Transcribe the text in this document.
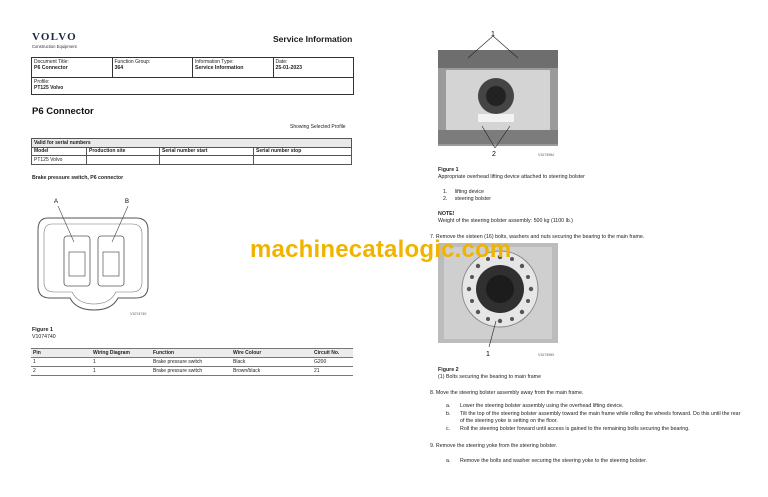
VOLVO
Construction Equipment
Service Information
Document Title:
P6 Connector
Function Group:
364
Information Type:
Service Information
Date:
25-01-2023
Profile:
PT125 Volvo
P6 Connector
Showing Selected Profile
Valid for serial numbers			
Model	Production site	Serial number start	Serial number stop
PT125 Volvo			
Brake pressure switch, P6 connector
A	B
V1074740
Figure 1
V1074740
Pin	Wiring Diagram	Function	Wire Colour	Circuit No.
1	1	Brake pressure switch	Black	G200
2	1	Brake pressure switch	Brown/black	21
1
2	V1073984
Figure 1
Appropriate overhead lifting device attached to steering bolster
1. lifting device
2. steering bolster
NOTE!
Weight of the steering bolster assembly: 500 kg (1100 lb.)
7. Remove the sixteen (16) bolts, washers and nuts securing the bearing to the main frame.
1	V1073983
Figure 2
(1) Bolts securing the bearing to main frame
8. Move the steering bolster assembly away from the main frame.
a. Lower the steering bolster assembly using the overhead lifting device.
b. Tilt the top of the steering bolster assembly toward the main frame while rolling the wheels forward. Do this until the rear of the steering yoke is setting on the floor.
c. Roll the steering bolster forward until access is gained to the remaining bolts securing the bearing.
9. Remove the steering yoke from the steering bolster.
a. Remove the bolts and washer securing the steering yoke to the steering bolster.
machinecatalogic.com
